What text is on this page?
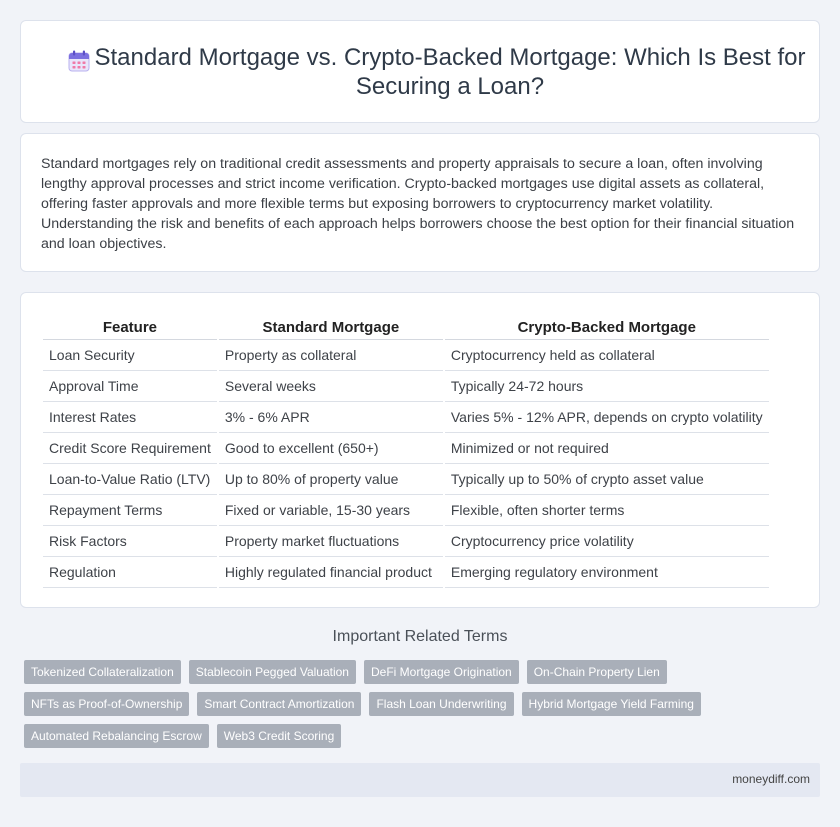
Standard Mortgage vs. Crypto-Backed Mortgage: Which Is Best for Securing a Loan?

Standard mortgages rely on traditional credit assessments and property appraisals to secure a loan, often involving lengthy approval processes and strict income verification. Crypto-backed mortgages use digital assets as collateral, offering faster approvals and more flexible terms but exposing borrowers to cryptocurrency market volatility. Understanding the risk and benefits of each approach helps borrowers choose the best option for their financial situation and loan objectives.

Feature	Standard Mortgage	Crypto-Backed Mortgage
Loan Security	Property as collateral	Cryptocurrency held as collateral
Approval Time	Several weeks	Typically 24-72 hours
Interest Rates	3% - 6% APR	Varies 5% - 12% APR, depends on crypto volatility
Credit Score Requirement	Good to excellent (650+)	Minimized or not required
Loan-to-Value Ratio (LTV)	Up to 80% of property value	Typically up to 50% of crypto asset value
Repayment Terms	Fixed or variable, 15-30 years	Flexible, often shorter terms
Risk Factors	Property market fluctuations	Cryptocurrency price volatility
Regulation	Highly regulated financial product	Emerging regulatory environment
Important Related Terms
Tokenized Collateralization	Stablecoin Pegged Valuation	DeFi Mortgage Origination	On-Chain Property Lien
NFTs as Proof-of-Ownership	Smart Contract Amortization	Flash Loan Underwriting	Hybrid Mortgage Yield Farming
Automated Rebalancing Escrow	Web3 Credit Scoring
moneydiff.com
